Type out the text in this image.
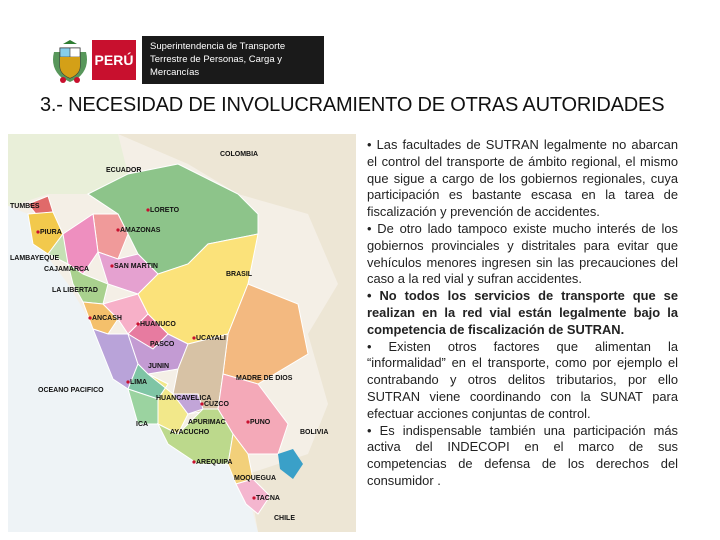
PERÚ
Superintendencia de Transporte
Terrestre de Personas, Carga y
Mercancías
3.- NECESIDAD DE INVOLUCRAMIENTO DE OTRAS AUTORIDADES
COLOMBIA
ECUADOR
TUMBES
LORETO
PIURA	AMAZONAS
LAMBAYEQUE
CAJAMARCA	SAN MARTIN
BRASIL
LA LIBERTAD
ANCASH
HUANUCO
UCAYALI
PASCO
JUNIN
OCEANO PACIFICO
LIMA
MADRE DE DIOS
HUANCAVELICA
CUZCO
ICA	APURIMAC	PUNO
AYACUCHO	BOLIVIA
AREQUIPA
MOQUEGUA
TACNA
CHILE

• Las facultades de SUTRAN legalmente no abarcan el control del transporte de ámbito regional, el mismo que sigue a cargo de los gobiernos regionales, cuya participación es bastante escasa en la tarea de fiscalización y prevención de accidentes.

• De otro lado tampoco existe mucho interés de los gobiernos provinciales y distritales para evitar que vehículos menores ingresen sin las precauciones del caso a la red vial y sufran accidentes.

• No todos los servicios de transporte que se realizan en la red vial están legalmente bajo la competencia de fiscalización de SUTRAN.

• Existen otros factores que alimentan la “informalidad” en el transporte, como por ejemplo el contrabando y otros delitos tributarios, por ello SUTRAN viene coordinando con la SUNAT para efectuar acciones conjuntas de control.

• Es indispensable también una participación más activa del INDECOPI en el marco de sus competencias de defensa de los derechos del consumidor .
